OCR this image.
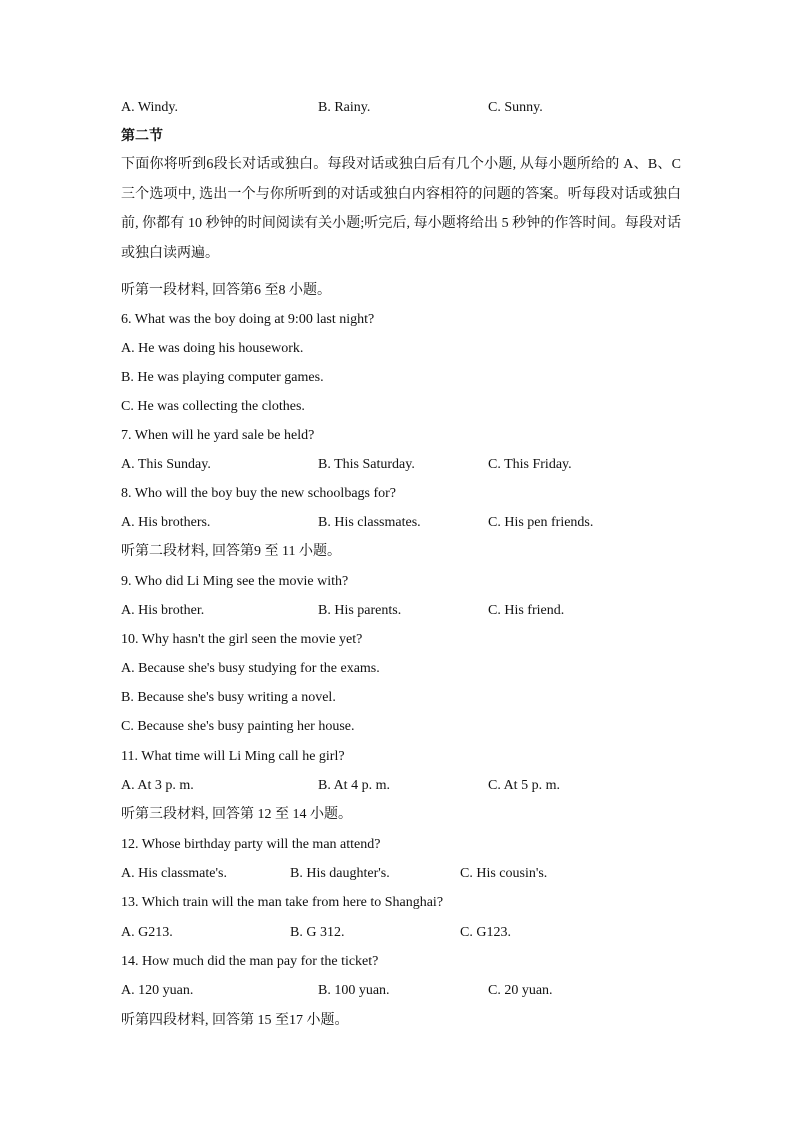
A. Windy.	B. Rainy.	C. Sunny.
第二节
下面你将听到6段长对话或独白。每段对话或独白后有几个小题, 从每小题所给的 A、B、C 三个选项中, 选出一个与你所听到的对话或独白内容相符的问题的答案。听每段对话或独白前, 你都有 10 秒钟的时间阅读有关小题;听完后, 每小题将给出 5 秒钟的作答时间。每段对话或独白读两遍。
听第一段材料, 回答第6 至8 小题。
6. What was the boy doing at 9:00 last night?
A. He was doing his housework.
B. He was playing computer games.
C. He was collecting the clothes.
7. When will he yard sale be held?
A. This Sunday.	B. This Saturday.	C. This Friday.
8. Who will the boy buy the new schoolbags for?
A. His brothers.	B. His classmates.	C. His pen friends.
听第二段材料, 回答第9 至 11 小题。
9. Who did Li Ming see the movie with?
A. His brother.	B. His parents.	C. His friend.
10. Why hasn't the girl seen the movie yet?
A. Because she's busy studying for the exams.
B. Because she's busy writing a novel.
C. Because she's busy painting her house.
11. What time will Li Ming call he girl?
A. At 3 p. m.	B. At 4 p. m.	C. At 5 p. m.
听第三段材料, 回答第 12 至 14 小题。
12. Whose birthday party will the man attend?
A. His classmate's.	B. His daughter's.	C. His cousin's.
13. Which train will the man take from here to Shanghai?
A. G213.	B. G 312.	C. G123.
14. How much did the man pay for the ticket?
A. 120 yuan.	B. 100 yuan.	C. 20 yuan.
听第四段材料, 回答第 15 至17 小题。
